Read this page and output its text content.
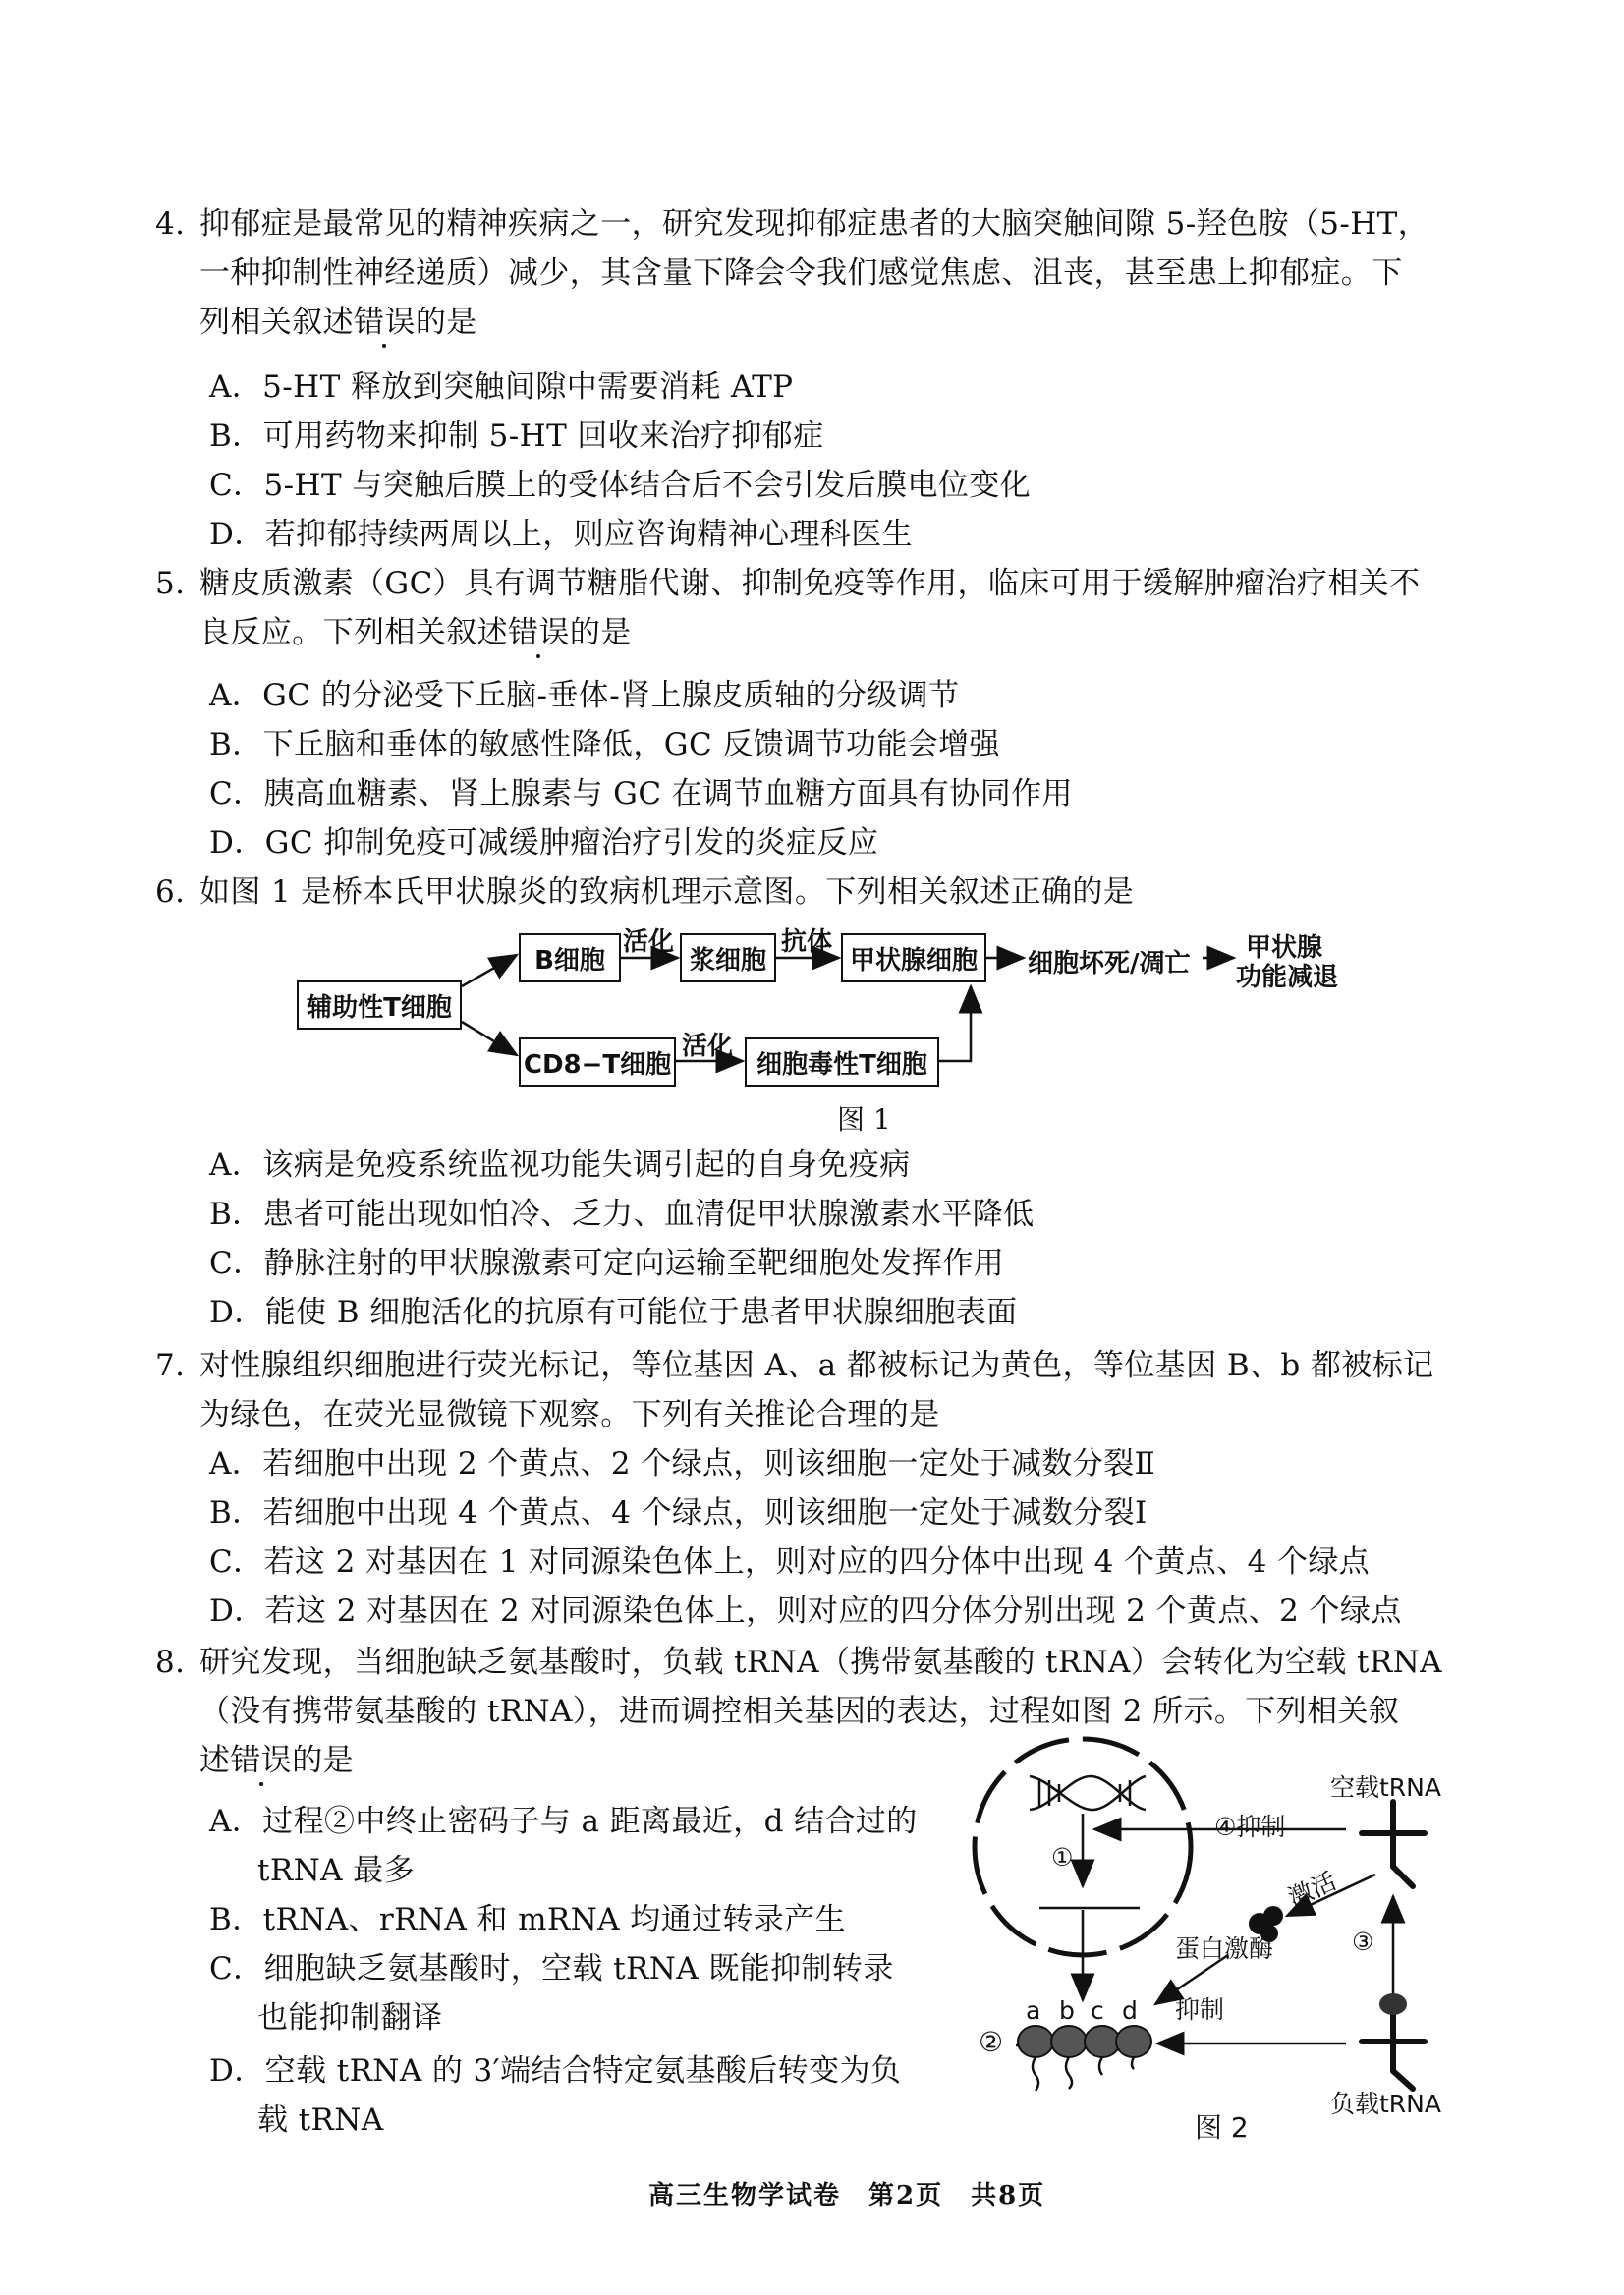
4. 抑郁症是最常见的精神疾病之一，研究发现抑郁症患者的大脑突触间隙 5-羟色胺（5-HT，
一种抑制性神经递质）减少，其含量下降会令我们感觉焦虑、沮丧，甚至患上抑郁症。下
列相关叙述错误的是
A．5-HT 释放到突触间隙中需要消耗 ATP
B．可用药物来抑制 5-HT 回收来治疗抑郁症
C．5-HT 与突触后膜上的受体结合后不会引发后膜电位变化
D．若抑郁持续两周以上，则应咨询精神心理科医生
5. 糖皮质激素（GC）具有调节糖脂代谢、抑制免疫等作用，临床可用于缓解肿瘤治疗相关不
良反应。下列相关叙述错误的是
A．GC 的分泌受下丘脑-垂体-肾上腺皮质轴的分级调节
B．下丘脑和垂体的敏感性降低，GC 反馈调节功能会增强
C．胰高血糖素、肾上腺素与 GC 在调节血糖方面具有协同作用
D．GC 抑制免疫可减缓肿瘤治疗引发的炎症反应
6. 如图 1 是桥本氏甲状腺炎的致病机理示意图。下列相关叙述正确的是
辅助性T细胞
B细胞
活化
浆细胞
抗体
甲状腺细胞	细胞坏死/凋亡
甲状腺
功能减退
CD8−T细胞
活化
细胞毒性T细胞
图 1
A．该病是免疫系统监视功能失调引起的自身免疫病
B．患者可能出现如怕冷、乏力、血清促甲状腺激素水平降低
C．静脉注射的甲状腺激素可定向运输至靶细胞处发挥作用
D．能使 B 细胞活化的抗原有可能位于患者甲状腺细胞表面
7. 对性腺组织细胞进行荧光标记，等位基因 A、a 都被标记为黄色，等位基因 B、b 都被标记
为绿色，在荧光显微镜下观察。下列有关推论合理的是
A．若细胞中出现 2 个黄点、2 个绿点，则该细胞一定处于减数分裂Ⅱ
B．若细胞中出现 4 个黄点、4 个绿点，则该细胞一定处于减数分裂Ⅰ
C．若这 2 对基因在 1 对同源染色体上，则对应的四分体中出现 4 个黄点、4 个绿点
D．若这 2 对基因在 2 对同源染色体上，则对应的四分体分别出现 2 个黄点、2 个绿点
8. 研究发现，当细胞缺乏氨基酸时，负载 tRNA（携带氨基酸的 tRNA）会转化为空载 tRNA
（没有携带氨基酸的 tRNA），进而调控相关基因的表达，过程如图 2 所示。下列相关叙
述错误的是
A．过程②中终止密码子与 a 距离最近，d 结合过的
tRNA 最多
B．tRNA、rRNA 和 mRNA 均通过转录产生
C．细胞缺乏氨基酸时，空载 tRNA 既能抑制转录
也能抑制翻译
D．空载 tRNA 的 3′端结合特定氨基酸后转变为负
载 tRNA
空载tRNA
④抑制
激活
①
③
蛋白激酶
抑制
②
a b c d
负载tRNA
图 2
高三生物学试卷　第2页　共8页
